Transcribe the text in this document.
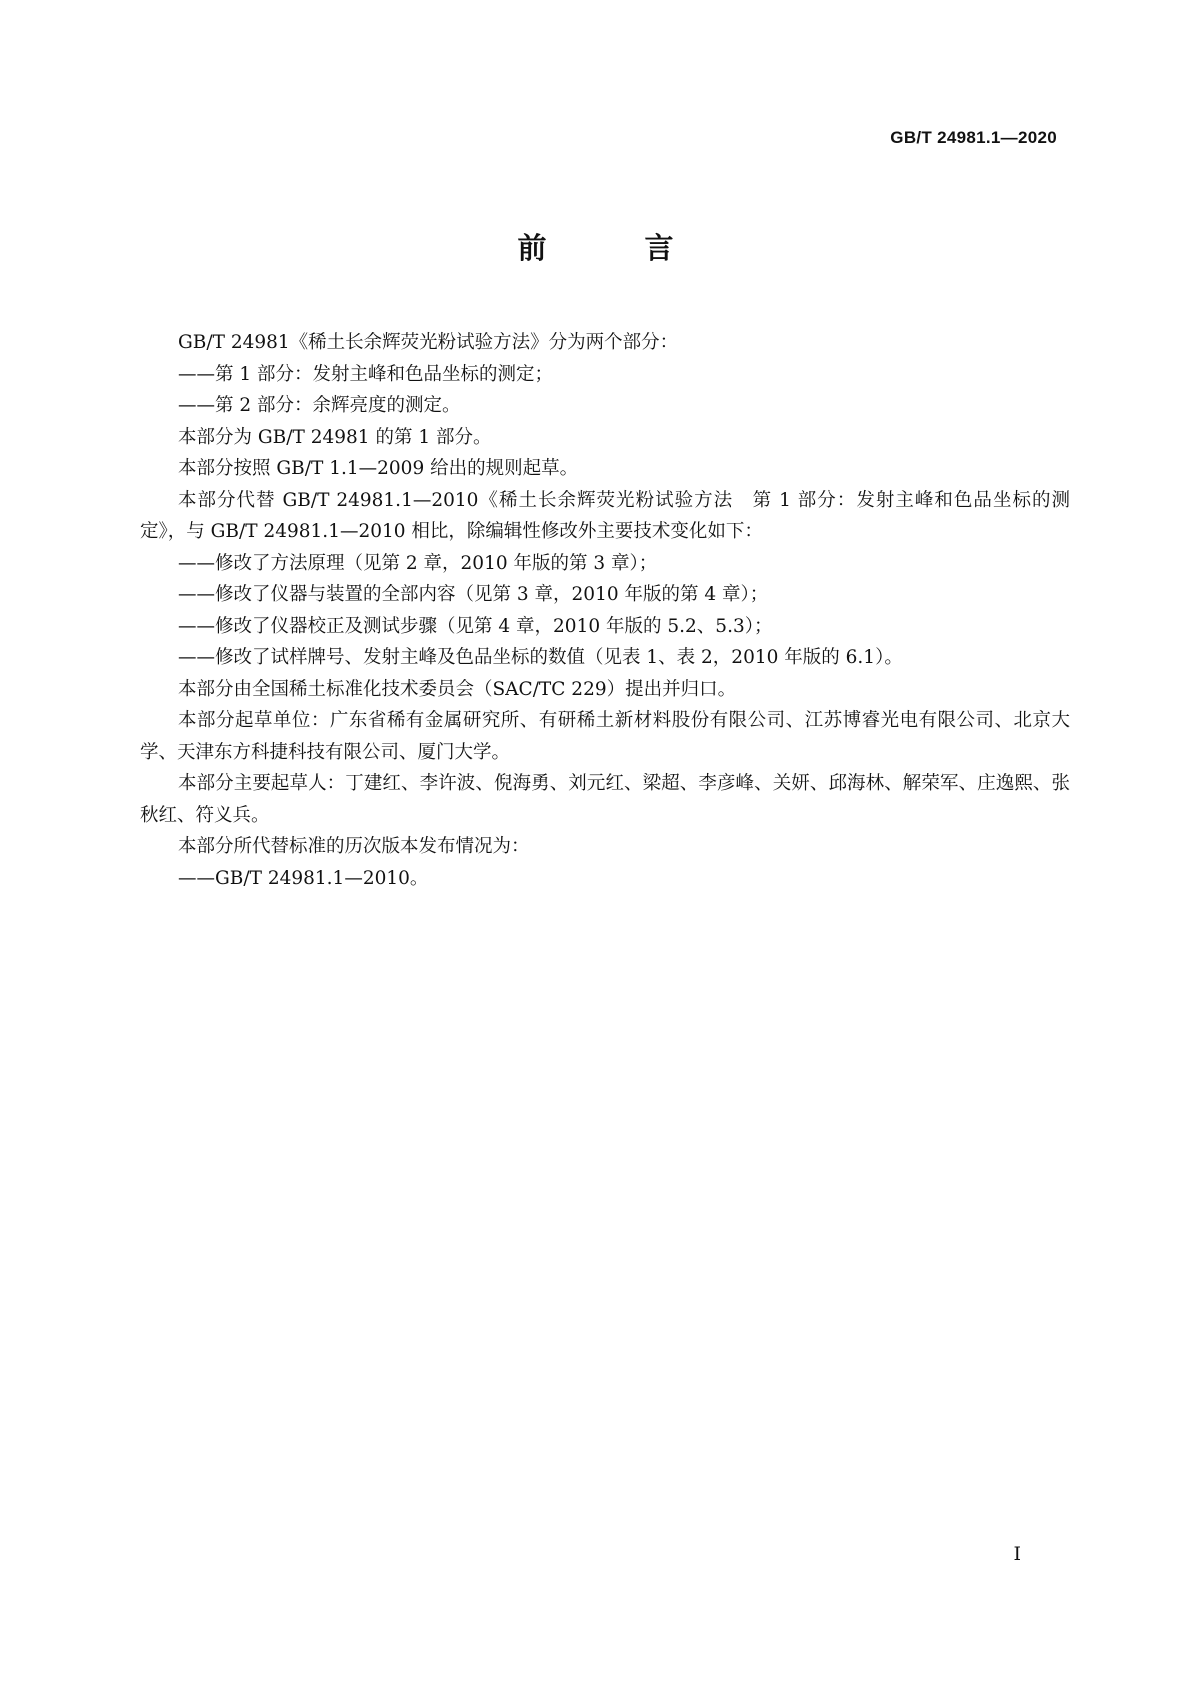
GB/T 24981.1—2020
前 言

GB/T 24981《稀土长余辉荧光粉试验方法》分为两个部分：

——第 1 部分：发射主峰和色品坐标的测定；

——第 2 部分：余辉亮度的测定。

本部分为 GB/T 24981 的第 1 部分。

本部分按照 GB/T 1.1—2009 给出的规则起草。

本部分代替 GB/T 24981.1—2010《稀土长余辉荧光粉试验方法　第 1 部分：发射主峰和色品坐标的测定》，与 GB/T 24981.1—2010 相比，除编辑性修改外主要技术变化如下：

——修改了方法原理（见第 2 章，2010 年版的第 3 章）；

——修改了仪器与装置的全部内容（见第 3 章，2010 年版的第 4 章）；

——修改了仪器校正及测试步骤（见第 4 章，2010 年版的 5.2、5.3）；

——修改了试样牌号、发射主峰及色品坐标的数值（见表 1、表 2，2010 年版的 6.1）。

本部分由全国稀土标准化技术委员会（SAC/TC 229）提出并归口。

本部分起草单位：广东省稀有金属研究所、有研稀土新材料股份有限公司、江苏博睿光电有限公司、北京大学、天津东方科捷科技有限公司、厦门大学。

本部分主要起草人：丁建红、李许波、倪海勇、刘元红、梁超、李彦峰、关妍、邱海林、解荣军、庄逸熙、张秋红、符义兵。

本部分所代替标准的历次版本发布情况为：

——GB/T 24981.1—2010。

I
